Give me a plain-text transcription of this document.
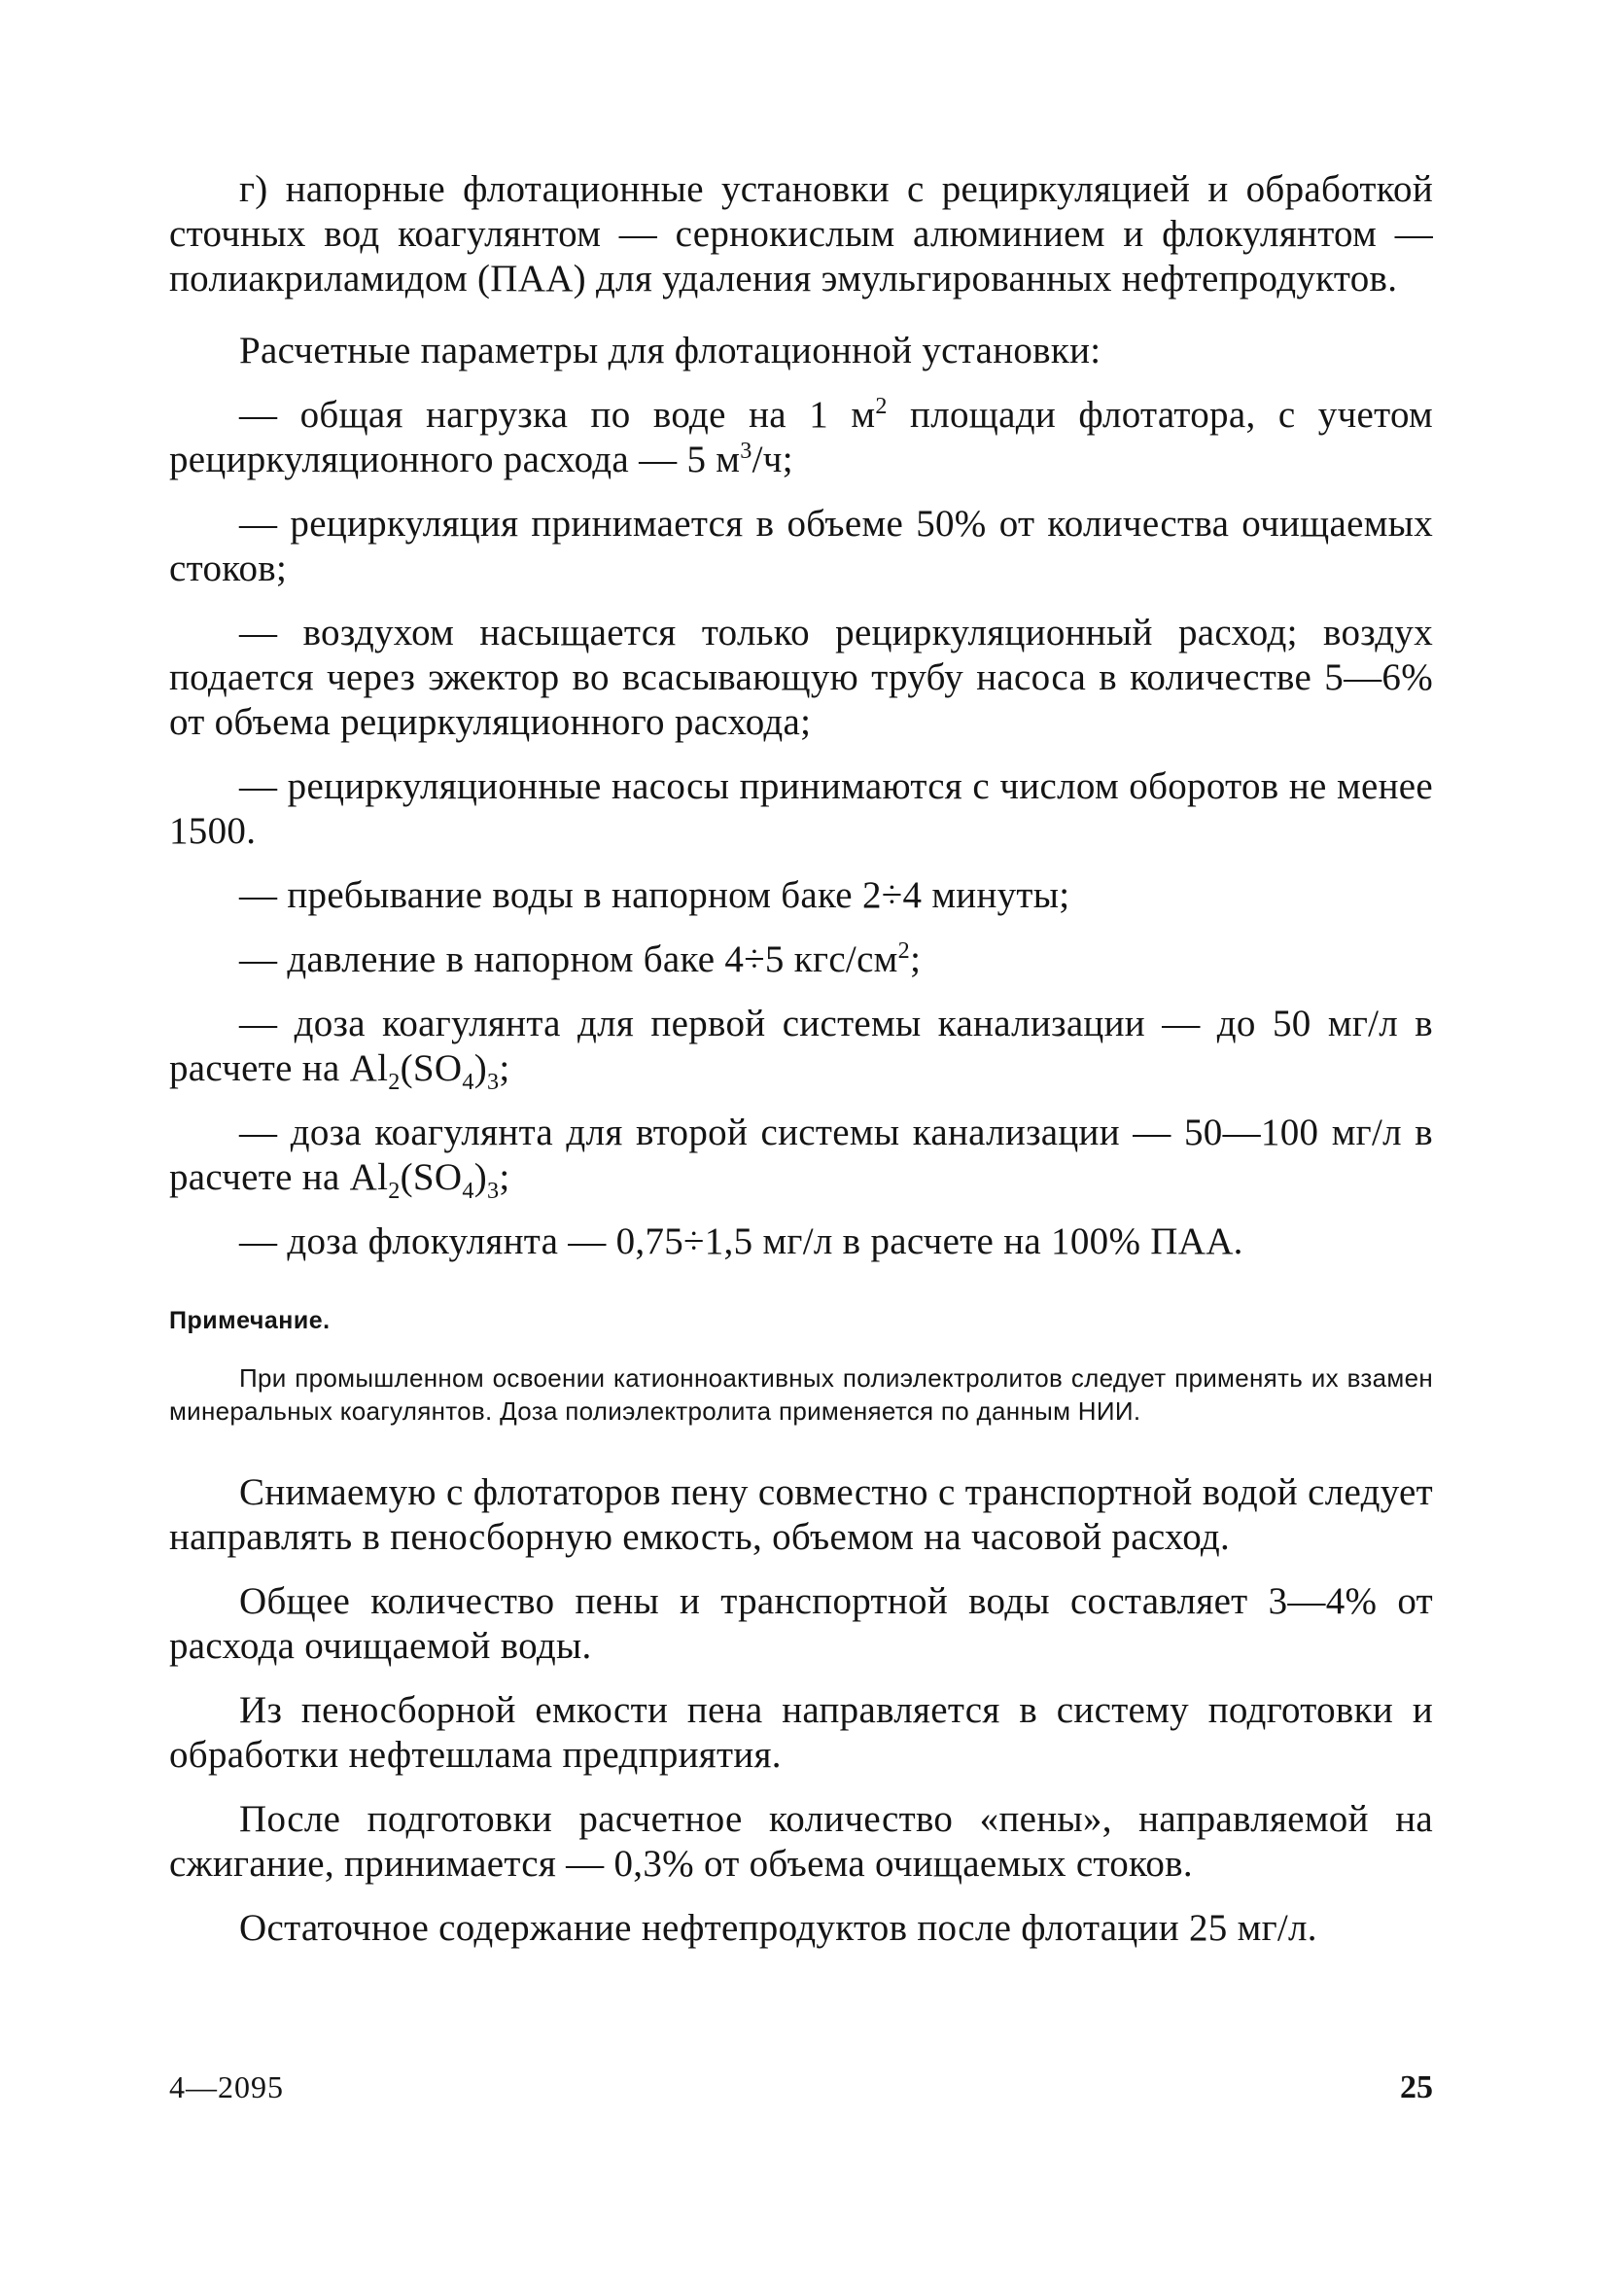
г) напорные флотационные установки с рециркуляцией и обработкой сточных вод коагулянтом — сернокислым алюминием и флокулянтом — полиакриламидом (ПАА) для удаления эмульгированных нефтепродуктов.

Расчетные параметры для флотационной установки:

— общая нагрузка по воде на 1 $м^2$ площади флотатора, с учетом рециркуляционного расхода — 5 $м^3/ч$;

— рециркуляция принимается в объеме 50% от количества очищаемых стоков;

— воздухом насыщается только рециркуляционный расход; воздух подается через эжектор во всасывающую трубу насоса в количестве 5—6% от объема рециркуляционного расхода;

— рециркуляционные насосы принимаются с числом оборотов не менее 1500.

— пребывание воды в напорном баке 2÷4 минуты;

— давление в напорном баке 4÷5 кгс/$см^2$;

— доза коагулянта для первой системы канализации — до 50 мг/л в расчете на $Al_2(SO_4)_3$;

— доза коагулянта для второй системы канализации — 50—100 мг/л в расчете на $Al_2(SO_4)_3$;

— доза флокулянта — 0,75÷1,5 мг/л в расчете на 100% ПАА.

Примечание.

При промышленном освоении катионноактивных полиэлектролитов следует применять их взамен минеральных коагулянтов. Доза полиэлектролита применяется по данным НИИ.

Снимаемую с флотаторов пену совместно с транспортной водой следует направлять в пеносборную емкость, объемом на часовой расход.

Общее количество пены и транспортной воды составляет 3—4% от расхода очищаемой воды.

Из пеносборной емкости пена направляется в систему подготовки и обработки нефтешлама предприятия.

После подготовки расчетное количество «пены», направляемой на сжигание, принимается — 0,3% от объема очищаемых стоков.

Остаточное содержание нефтепродуктов после флотации 25 мг/л.

4—2095	25
